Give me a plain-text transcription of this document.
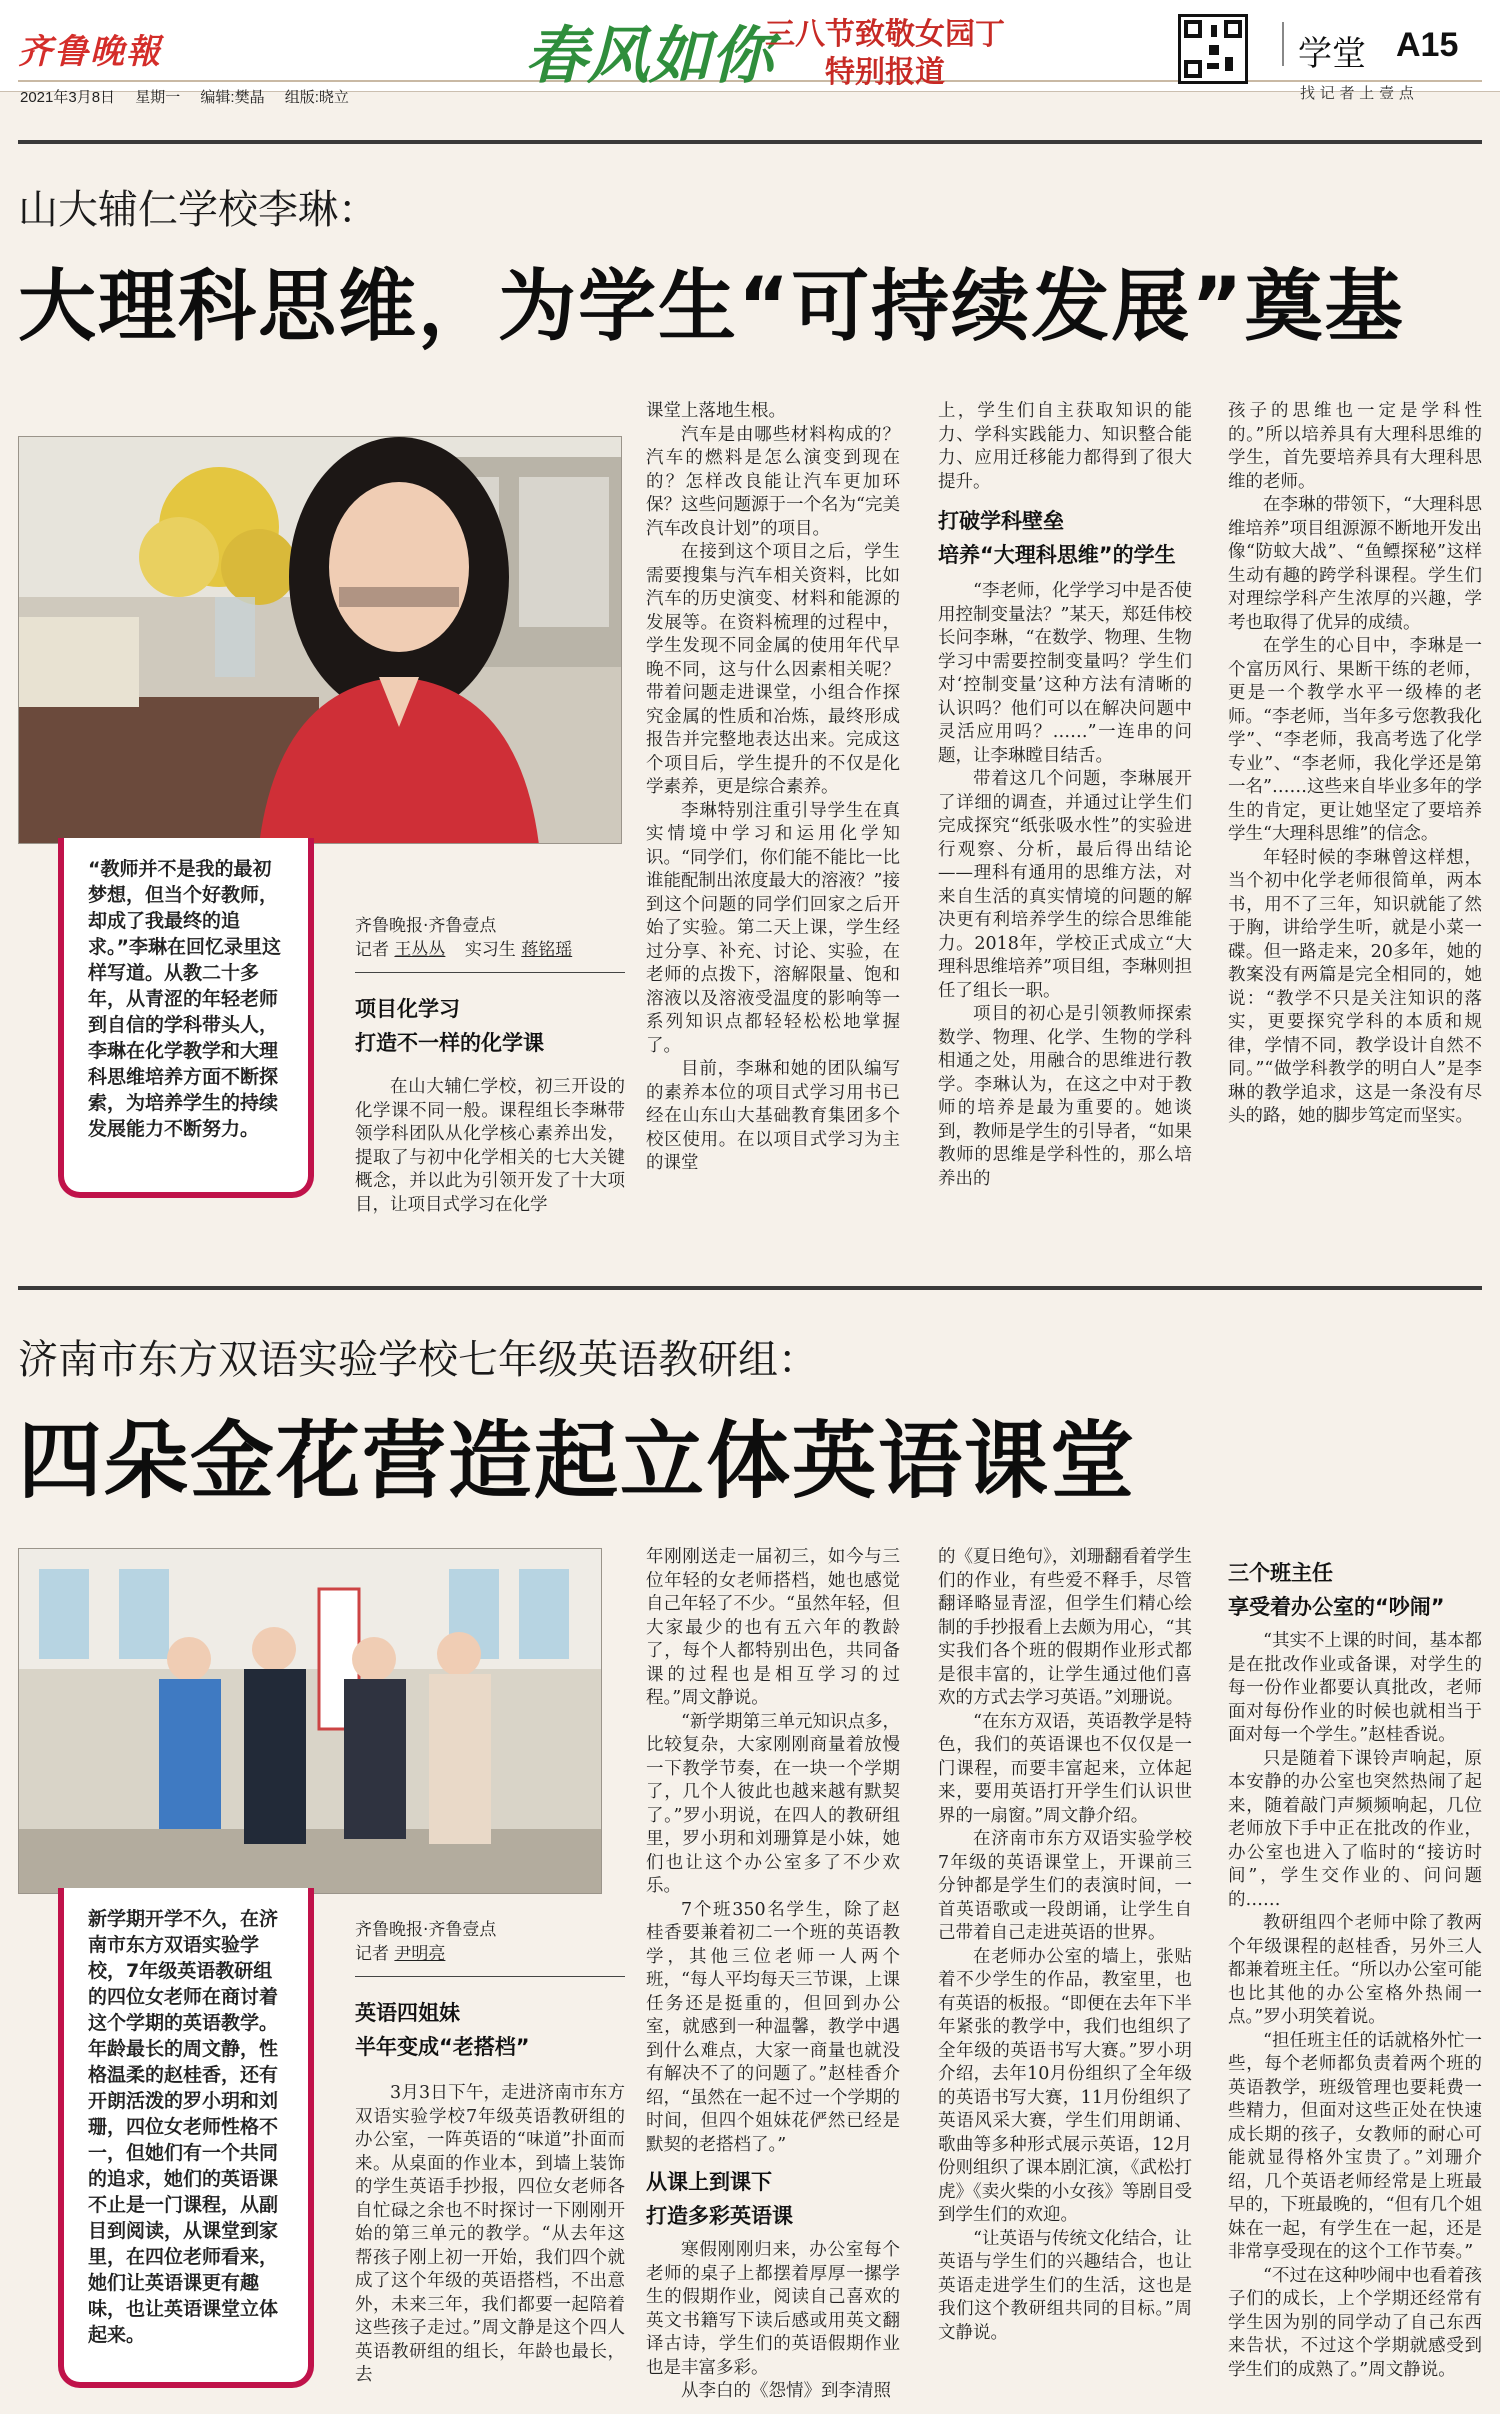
齐鲁晚報
2021年3月8日 星期一 编辑:樊晶 组版:晓立
春风如你
三八节致敬女园丁
特别报道	学堂 A15
找 记 者 上 壹 点
山大辅仁学校李琳：
大理科思维，为学生“可持续发展”奠基
“教师并不是我的最初梦想，但当个好教师，却成了我最终的追求。”李琳在回忆录里这样写道。从教二十多年，从青涩的年轻老师到自信的学科带头人，李琳在化学教学和大理科思维培养方面不断探索，为培养学生的持续发展能力不断努力。
齐鲁晚报·齐鲁壹点
记者 王丛丛 实习生 蒋铭瑶
项目化学习
打造不一样的化学课

在山大辅仁学校，初三开设的化学课不同一般。课程组长李琳带领学科团队从化学核心素养出发，提取了与初中化学相关的七大关键概念，并以此为引领开发了十大项目，让项目式学习在化学

课堂上落地生根。

汽车是由哪些材料构成的？汽车的燃料是怎么演变到现在的？怎样改良能让汽车更加环保？这些问题源于一个名为“完美汽车改良计划”的项目。

在接到这个项目之后，学生需要搜集与汽车相关资料，比如汽车的历史演变、材料和能源的发展等。在资料梳理的过程中，学生发现不同金属的使用年代早晚不同，这与什么因素相关呢？带着问题走进课堂，小组合作探究金属的性质和冶炼，最终形成报告并完整地表达出来。完成这个项目后，学生提升的不仅是化学素养，更是综合素养。

李琳特别注重引导学生在真实情境中学习和运用化学知识。“同学们，你们能不能比一比谁能配制出浓度最大的溶液？”接到这个问题的同学们回家之后开始了实验。第二天上课，学生经过分享、补充、讨论、实验，在老师的点拨下，溶解限量、饱和溶液以及溶液受温度的影响等一系列知识点都轻轻松松地掌握了。

目前，李琳和她的团队编写的素养本位的项目式学习用书已经在山东山大基础教育集团多个校区使用。在以项目式学习为主的课堂

上，学生们自主获取知识的能力、学科实践能力、知识整合能力、应用迁移能力都得到了很大提升。

打破学科壁垒
培养“大理科思维”的学生

“李老师，化学学习中是否使用控制变量法？”某天，郑廷伟校长问李琳，“在数学、物理、生物学习中需要控制变量吗？学生们对‘控制变量’这种方法有清晰的认识吗？他们可以在解决问题中灵活应用吗？……”一连串的问题，让李琳瞠目结舌。

带着这几个问题，李琳展开了详细的调查，并通过让学生们完成探究“纸张吸水性”的实验进行观察、分析，最后得出结论——理科有通用的思维方法，对来自生活的真实情境的问题的解决更有利培养学生的综合思维能力。2018年，学校正式成立“大理科思维培养”项目组，李琳则担任了组长一职。

项目的初心是引领教师探索数学、物理、化学、生物的学科相通之处，用融合的思维进行教学。李琳认为，在这之中对于教师的培养是最为重要的。她谈到，教师是学生的引导者，“如果教师的思维是学科性的，那么培养出的

孩子的思维也一定是学科性的。”所以培养具有大理科思维的学生，首先要培养具有大理科思维的老师。

在李琳的带领下，“大理科思维培养”项目组源源不断地开发出像“防蚊大战”、“鱼鳔探秘”这样生动有趣的跨学科课程。学生们对理综学科产生浓厚的兴趣，学考也取得了优异的成绩。

在学生的心目中，李琳是一个富历风行、果断干练的老师，更是一个教学水平一级棒的老师。“李老师，当年多亏您教我化学”、“李老师，我高考选了化学专业”、“李老师，我化学还是第一名”……这些来自毕业多年的学生的肯定，更让她坚定了要培养学生“大理科思维”的信念。

年轻时候的李琳曾这样想，当个初中化学老师很简单，两本书，用不了三年，知识就能了然于胸，讲给学生听，就是小菜一碟。但一路走来，20多年，她的教案没有两篇是完全相同的，她说：“教学不只是关注知识的落实，更要探究学科的本质和规律，学情不同，教学设计自然不同。”“做学科教学的明白人”是李琳的教学追求，这是一条没有尽头的路，她的脚步笃定而坚实。

济南市东方双语实验学校七年级英语教研组：
四朵金花营造起立体英语课堂
新学期开学不久，在济南市东方双语实验学校，7年级英语教研组的四位女老师在商讨着这个学期的英语教学。年龄最长的周文静，性格温柔的赵桂香，还有开朗活泼的罗小玥和刘珊，四位女老师性格不一，但她们有一个共同的追求，她们的英语课不止是一门课程，从副目到阅读，从课堂到家里，在四位老师看来，她们让英语课更有趣味，也让英语课堂立体起来。
齐鲁晚报·齐鲁壹点
记者 尹明亮
英语四姐妹
半年变成“老搭档”

3月3日下午，走进济南市东方双语实验学校7年级英语教研组的办公室，一阵英语的“味道”扑面而来。从桌面的作业本，到墙上装饰的学生英语手抄报，四位女老师各自忙碌之余也不时探讨一下刚刚开始的第三单元的教学。“从去年这帮孩子刚上初一开始，我们四个就成了这个年级的英语搭档，不出意外，未来三年，我们都要一起陪着这些孩子走过。”周文静是这个四人英语教研组的组长，年龄也最长，去

年刚刚送走一届初三，如今与三位年轻的女老师搭档，她也感觉自己年轻了不少。“虽然年轻，但大家最少的也有五六年的教龄了，每个人都特别出色，共同备课的过程也是相互学习的过程。”周文静说。

“新学期第三单元知识点多，比较复杂，大家刚刚商量着放慢一下教学节奏，在一块一个学期了，几个人彼此也越来越有默契了。”罗小玥说，在四人的教研组里，罗小玥和刘珊算是小妹，她们也让这个办公室多了不少欢乐。

7个班350名学生，除了赵桂香要兼着初二一个班的英语教学，其他三位老师一人两个班，“每人平均每天三节课，上课任务还是挺重的，但回到办公室，就感到一种温馨，教学中遇到什么难点，大家一商量也就没有解决不了的问题了。”赵桂香介绍，“虽然在一起不过一个学期的时间，但四个姐妹花俨然已经是默契的老搭档了。”

从课上到课下
打造多彩英语课

寒假刚刚归来，办公室每个老师的桌子上都摆着厚厚一摞学生的假期作业，阅读自己喜欢的英文书籍写下读后感或用英文翻译古诗，学生们的英语假期作业也是丰富多彩。

从李白的《怨情》到李清照

的《夏日绝句》，刘珊翻看着学生们的作业，有些爱不释手，尽管翻译略显青涩，但学生们精心绘制的手抄报看上去颇为用心，“其实我们各个班的假期作业形式都是很丰富的，让学生通过他们喜欢的方式去学习英语。”刘珊说。

“在东方双语，英语教学是特色，我们的英语课也不仅仅是一门课程，而要丰富起来，立体起来，要用英语打开学生们认识世界的一扇窗。”周文静介绍。

在济南市东方双语实验学校7年级的英语课堂上，开课前三分钟都是学生们的表演时间，一首英语歌或一段朗诵，让学生自己带着自己走进英语的世界。

在老师办公室的墙上，张贴着不少学生的作品，教室里，也有英语的板报。“即便在去年下半年紧张的教学中，我们也组织了全年级的英语书写大赛。”罗小玥介绍，去年10月份组织了全年级的英语书写大赛，11月份组织了英语风采大赛，学生们用朗诵、歌曲等多种形式展示英语，12月份则组织了课本剧汇演，《武松打虎》《卖火柴的小女孩》等剧目受到学生们的欢迎。

“让英语与传统文化结合，让英语与学生们的兴趣结合，也让英语走进学生们的生活，这也是我们这个教研组共同的目标。”周文静说。

三个班主任
享受着办公室的“吵闹”

“其实不上课的时间，基本都是在批改作业或备课，对学生的每一份作业都要认真批改，老师面对每份作业的时候也就相当于面对每一个学生。”赵桂香说。

只是随着下课铃声响起，原本安静的办公室也突然热闹了起来，随着敲门声频频响起，几位老师放下手中正在批改的作业，办公室也进入了临时的“接访时间”，学生交作业的、问问题的……

教研组四个老师中除了教两个年级课程的赵桂香，另外三人都兼着班主任。“所以办公室可能也比其他的办公室格外热闹一点。”罗小玥笑着说。

“担任班主任的话就格外忙一些，每个老师都负责着两个班的英语教学，班级管理也要耗费一些精力，但面对这些正处在快速成长期的孩子，女教师的耐心可能就显得格外宝贵了。”刘珊介绍，几个英语老师经常是上班最早的，下班最晚的，“但有几个姐妹在一起，有学生在一起，还是非常享受现在的这个工作节奏。”

“不过在这种吵闹中也看着孩子们的成长，上个学期还经常有学生因为别的同学动了自己东西来告状，不过这个学期就感受到学生们的成熟了。”周文静说。
